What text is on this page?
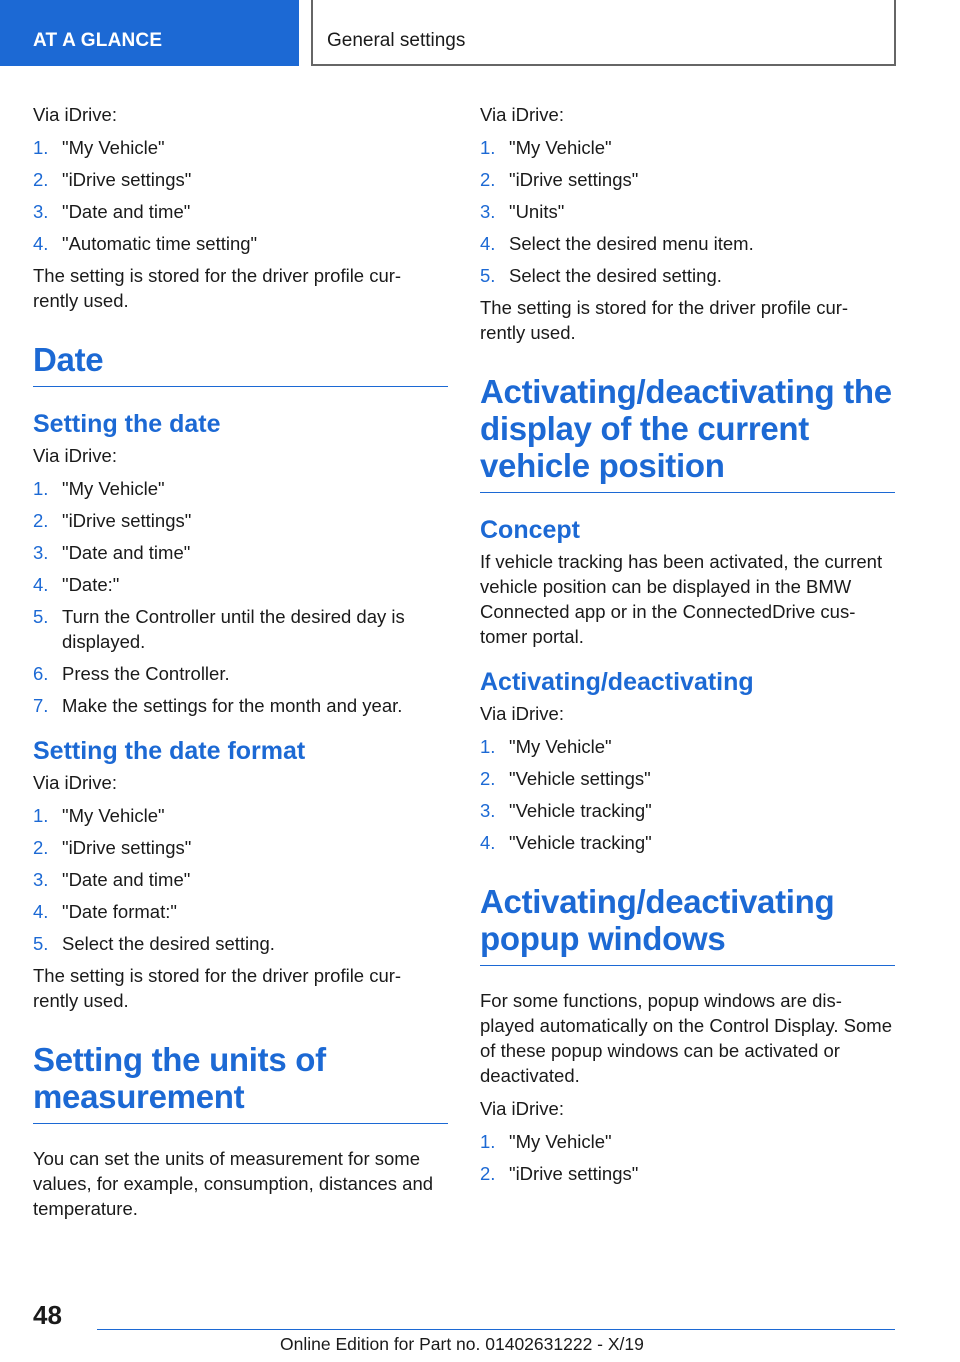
AT A GLANCE	General settings

Via iDrive:

1. "My Vehicle"
2. "iDrive settings"
3. "Date and time"
4. "Automatic time setting"

The setting is stored for the driver profile cur- rently used.

Date
Setting the date

Via iDrive:

1. "My Vehicle"
2. "iDrive settings"
3. "Date and time"
4. "Date:"
5. Turn the Controller until the desired day is displayed.
6. Press the Controller.
7. Make the settings for the month and year.
Setting the date format

Via iDrive:

1. "My Vehicle"
2. "iDrive settings"
3. "Date and time"
4. "Date format:"
5. Select the desired setting.

The setting is stored for the driver profile cur- rently used.

Setting the units of measurement

You can set the units of measurement for some values, for example, consumption, distances and temperature.

Via iDrive:

1. "My Vehicle"
2. "iDrive settings"
3. "Units"
4. Select the desired menu item.
5. Select the desired setting.

The setting is stored for the driver profile cur- rently used.

Activating/deactivating the display of the current vehicle position
Concept

If vehicle tracking has been activated, the current vehicle position can be displayed in the BMW Connected app or in the ConnectedDrive cus- tomer portal.

Activating/deactivating

Via iDrive:

1. "My Vehicle"
2. "Vehicle settings"
3. "Vehicle tracking"
4. "Vehicle tracking"
Activating/deactivating popup windows

For some functions, popup windows are dis- played automatically on the Control Display. Some of these popup windows can be activated or deactivated.

Via iDrive:

1. "My Vehicle"
2. "iDrive settings"
48
Online Edition for Part no. 01402631222 - X/19
